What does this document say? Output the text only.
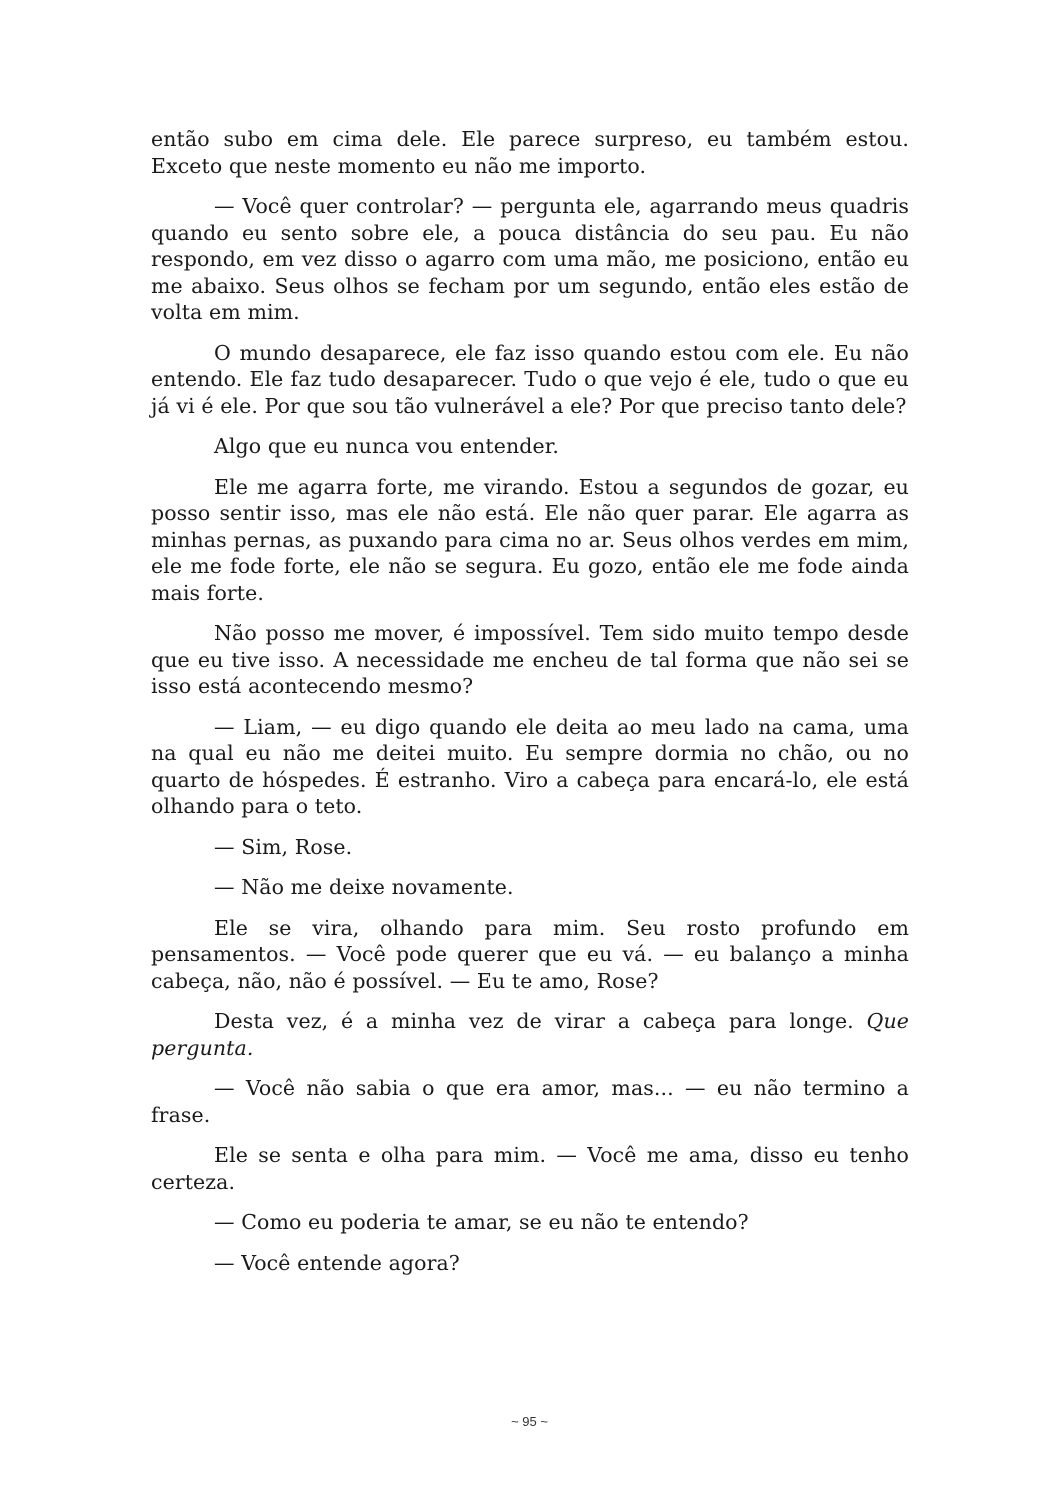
então subo em cima dele. Ele parece surpreso, eu também estou. Exceto que neste momento eu não me importo.

— Você quer controlar? — pergunta ele, agarrando meus quadris quando eu sento sobre ele, a pouca distância do seu pau. Eu não respondo, em vez disso o agarro com uma mão, me posiciono, então eu me abaixo. Seus olhos se fecham por um segundo, então eles estão de volta em mim.

O mundo desaparece, ele faz isso quando estou com ele. Eu não entendo. Ele faz tudo desaparecer. Tudo o que vejo é ele, tudo o que eu já vi é ele. Por que sou tão vulnerável a ele? Por que preciso tanto dele?

Algo que eu nunca vou entender.

Ele me agarra forte, me virando. Estou a segundos de gozar, eu posso sentir isso, mas ele não está. Ele não quer parar. Ele agarra as minhas pernas, as puxando para cima no ar. Seus olhos verdes em mim, ele me fode forte, ele não se segura. Eu gozo, então ele me fode ainda mais forte.

Não posso me mover, é impossível. Tem sido muito tempo desde que eu tive isso. A necessidade me encheu de tal forma que não sei se isso está acontecendo mesmo?

— Liam, — eu digo quando ele deita ao meu lado na cama, uma na qual eu não me deitei muito. Eu sempre dormia no chão, ou no quarto de hóspedes. É estranho. Viro a cabeça para encará-lo, ele está olhando para o teto.

— Sim, Rose.

— Não me deixe novamente.

Ele se vira, olhando para mim. Seu rosto profundo em pensamentos. — Você pode querer que eu vá. — eu balanço a minha cabeça, não, não é possível. — Eu te amo, Rose?

Desta vez, é a minha vez de virar a cabeça para longe. Que pergunta.

— Você não sabia o que era amor, mas... — eu não termino a frase.

Ele se senta e olha para mim. — Você me ama, disso eu tenho certeza.

— Como eu poderia te amar, se eu não te entendo?

— Você entende agora?

~ 95 ~
